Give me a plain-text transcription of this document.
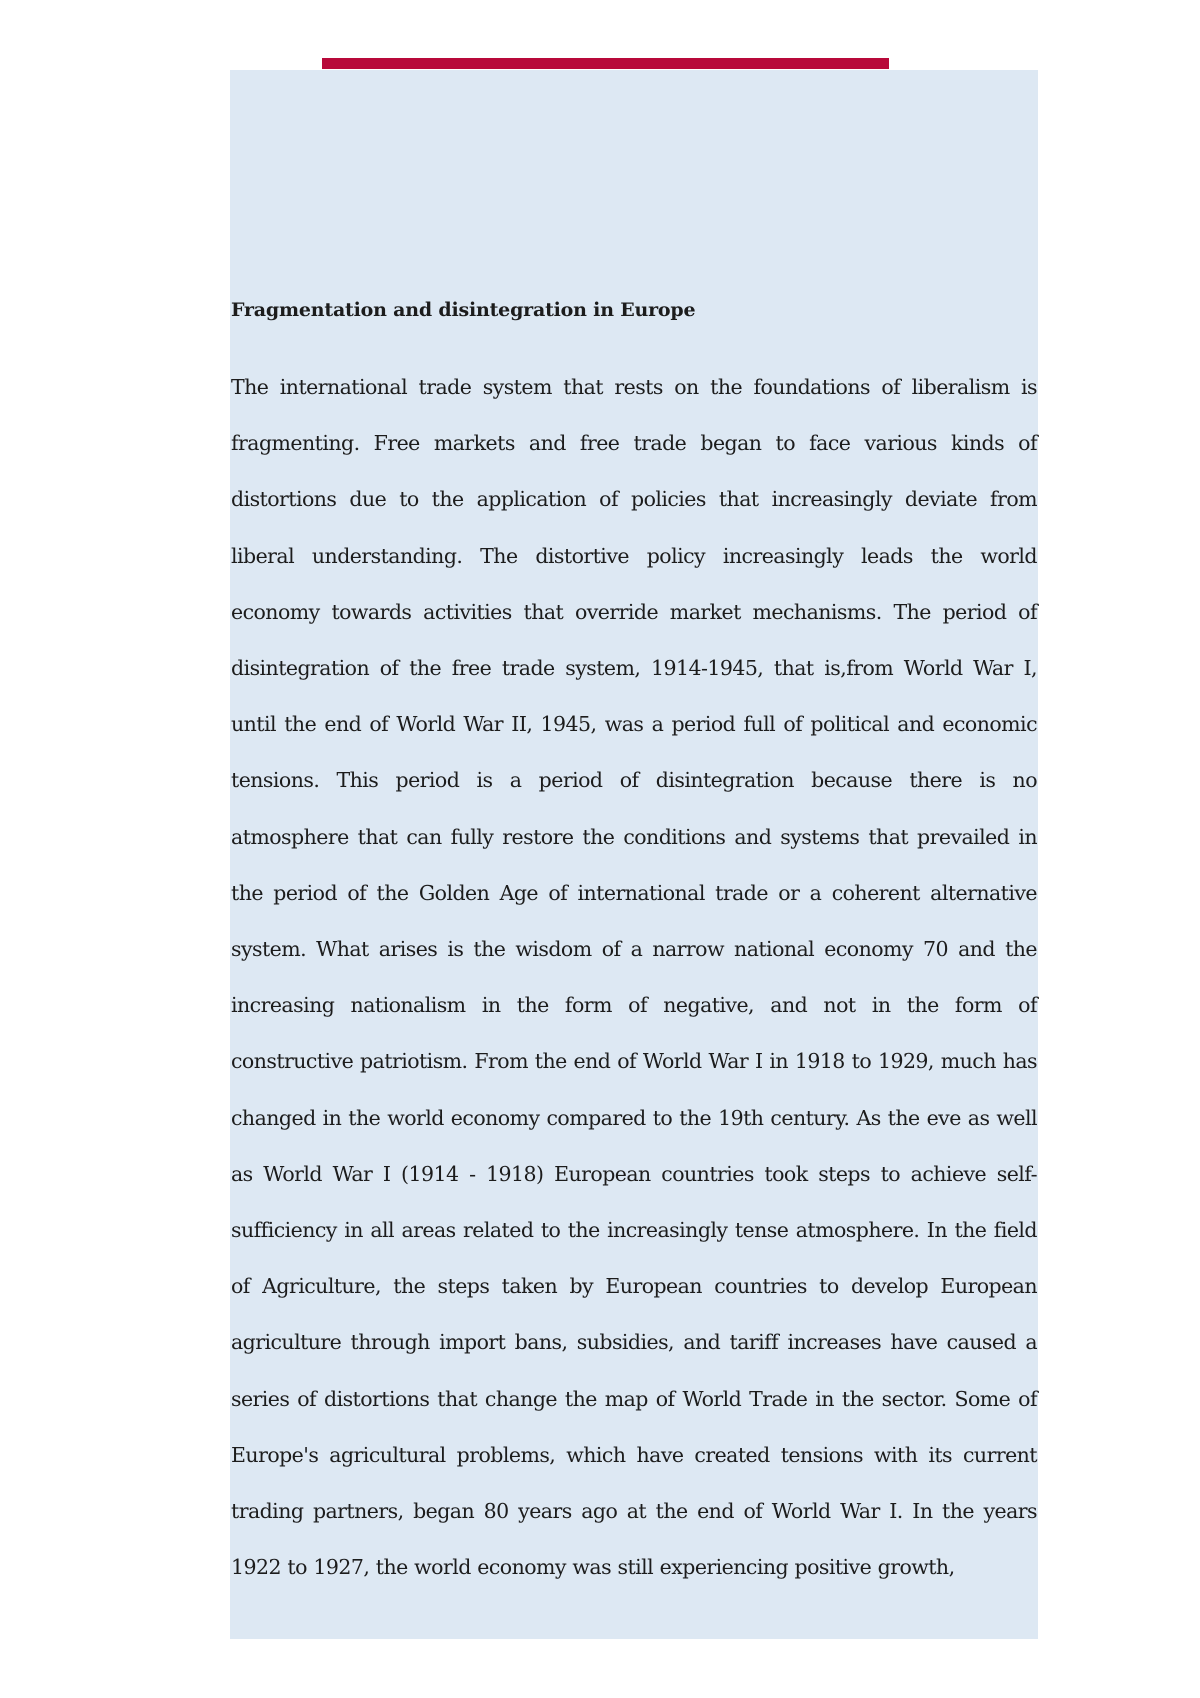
Fragmentation and disintegration in Europe

The international trade system that rests on the foundations of liberalism is fragmenting. Free markets and free trade began to face various kinds of distortions due to the application of policies that increasingly deviate from liberal understanding. The distortive policy increasingly leads the world economy towards activities that override market mechanisms. The period of disintegration of the free trade system, 1914-1945, that is,from World War I, until the end of World War II, 1945, was a period full of political and economic tensions. This period is a period of disintegration because there is no atmosphere that can fully restore the conditions and systems that prevailed in the period of the Golden Age of international trade or a coherent alternative system. What arises is the wisdom of a narrow national economy 70 and the increasing nationalism in the form of negative, and not in the form of constructive patriotism. From the end of World War I in 1918 to 1929, much has changed in the world economy compared to the 19th century. As the eve as well as World War I (1914 - 1918) European countries took steps to achieve self-sufficiency in all areas related to the increasingly tense atmosphere. In the field of Agriculture, the steps taken by European countries to develop European agriculture through import bans, subsidies, and tariff increases have caused a series of distortions that change the map of World Trade in the sector. Some of Europe's agricultural problems, which have created tensions with its current trading partners, began 80 years ago at the end of World War I. In the years 1922 to 1927, the world economy was still experiencing positive growth,
